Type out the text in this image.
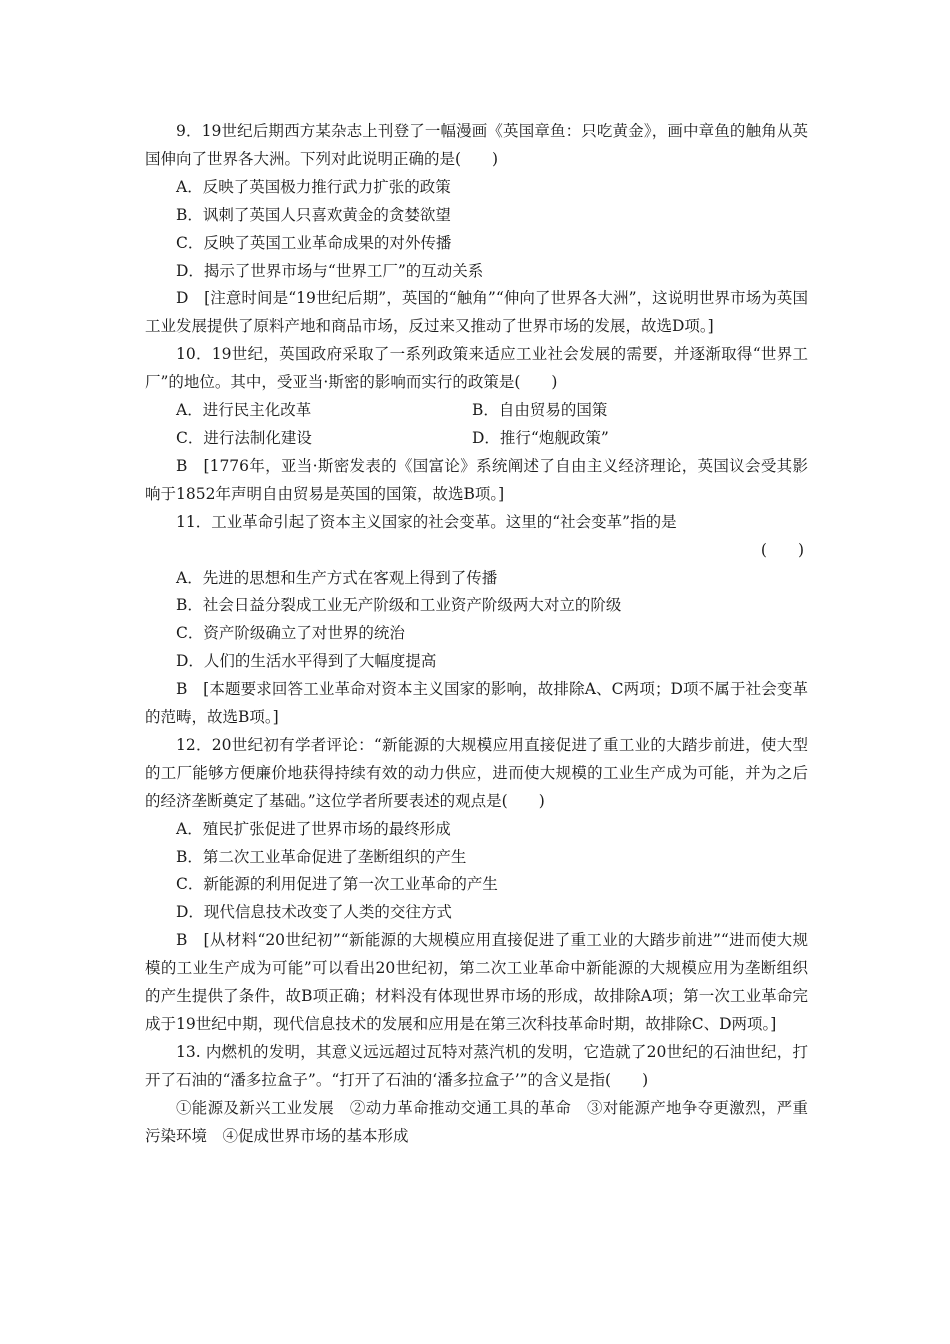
9．19世纪后期西方某杂志上刊登了一幅漫画《英国章鱼：只吃黄金》，画中章鱼的触角从英国伸向了世界各大洲。下列对此说明正确的是(　　)
A．反映了英国极力推行武力扩张的政策
B．讽刺了英国人只喜欢黄金的贪婪欲望
C．反映了英国工业革命成果的对外传播
D．揭示了世界市场与“世界工厂”的互动关系
D　[注意时间是“19世纪后期”，英国的“触角”“伸向了世界各大洲”，这说明世界市场为英国工业发展提供了原料产地和商品市场，反过来又推动了世界市场的发展，故选D项。]
10．19世纪，英国政府采取了一系列政策来适应工业社会发展的需要，并逐渐取得“世界工厂”的地位。其中，受亚当·斯密的影响而实行的政策是(　　)
A．进行民主化改革	B．自由贸易的国策
C．进行法制化建设	D．推行“炮舰政策”
B　[1776年，亚当·斯密发表的《国富论》系统阐述了自由主义经济理论，英国议会受其影响于1852年声明自由贸易是英国的国策，故选B项。]
11．工业革命引起了资本主义国家的社会变革。这里的“社会变革”指的是
(　　)
A．先进的思想和生产方式在客观上得到了传播
B．社会日益分裂成工业无产阶级和工业资产阶级两大对立的阶级
C．资产阶级确立了对世界的统治
D．人们的生活水平得到了大幅度提高
B　[本题要求回答工业革命对资本主义国家的影响，故排除A、C两项；D项不属于社会变革的范畴，故选B项。]
12．20世纪初有学者评论：“新能源的大规模应用直接促进了重工业的大踏步前进，使大型的工厂能够方便廉价地获得持续有效的动力供应，进而使大规模的工业生产成为可能，并为之后的经济垄断奠定了基础。”这位学者所要表述的观点是(　　)
A．殖民扩张促进了世界市场的最终形成
B．第二次工业革命促进了垄断组织的产生
C．新能源的利用促进了第一次工业革命的产生
D．现代信息技术改变了人类的交往方式
B　[从材料“20世纪初”“新能源的大规模应用直接促进了重工业的大踏步前进”“进而使大规模的工业生产成为可能”可以看出20世纪初，第二次工业革命中新能源的大规模应用为垄断组织的产生提供了条件，故B项正确；材料没有体现世界市场的形成，故排除A项；第一次工业革命完成于19世纪中期，现代信息技术的发展和应用是在第三次科技革命时期，故排除C、D两项。]
13. 内燃机的发明，其意义远远超过瓦特对蒸汽机的发明，它造就了20世纪的石油世纪，打开了石油的“潘多拉盒子”。“打开了石油的‘潘多拉盒子’”的含义是指(　　)
①能源及新兴工业发展　②动力革命推动交通工具的革命　③对能源产地争夺更激烈，严重污染环境　④促成世界市场的基本形成
